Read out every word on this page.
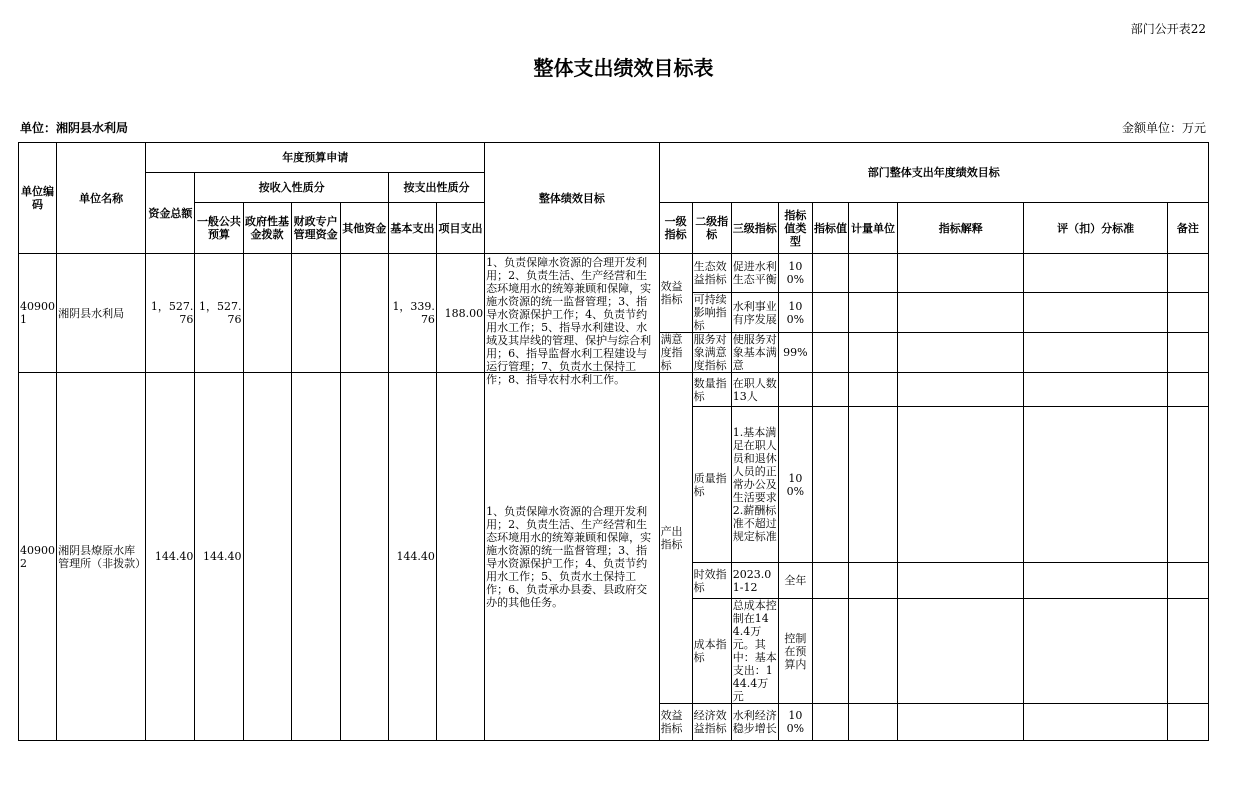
部门公开表22
整体支出绩效目标表
单位：湘阴县水利局	金额单位：万元
单位编码	单位名称	年度预算申请							整体绩效目标	部门整体支出年度绩效目标								
		资金总额	按收入性质分				按支出性质分											
			一般公共预算	政府性基金拨款	财政专户管理资金	其他资金	基本支出	项目支出		一级指标	二级指标	三级指标	指标值类型	指标值	计量单位	指标解释	评（扣）分标准	备注
409001	湘阴县水利局	1，527.76	1，527.76				1，339.76	188.00	1、负责保障水资源的合理开发利用；2、负责生活、生产经营和生态环境用水的统筹兼顾和保障，实施水资源的统一监督管理；3、指导水资源保护工作；4、负责节约用水工作；5、指导水利建设、水域及其岸线的管理、保护与综合利用；6、指导监督水利工程建设与运行管理；7、负责水土保持工作；8、指导农村水利工作。	效益指标	生态效益指标	促进水利生态平衡	100%					

											可持续影响指标	水利事业有序发展	100%					

										满意度指标	服务对象满意度指标	使服务对象基本满意	99%					
409002	湘阴县燎原水库管理所（非拨款）	144.40	144.40				144.40		1、负责保障水资源的合理开发利用；2、负责生活、生产经营和生态环境用水的统筹兼顾和保障，实施水资源的统一监督管理；3、指导水资源保护工作；4、负责节约用水工作；5、负责水土保持工作；6、负责承办县委、县政府交办的其他任务。	产出指标	数量指标	在职人数13人						
											质量指标	1.基本满足在职人员和退休人员的正常办公及生活要求
2.薪酬标准不超过规定标准	100%					
											时效指标	2023.01-12	全年					
											成本指标	总成本控制在144.4万元。其中：基本支出：144.4万元	控制在预算内					
										效益指标	经济效益指标	水利经济稳步增长	100%					
